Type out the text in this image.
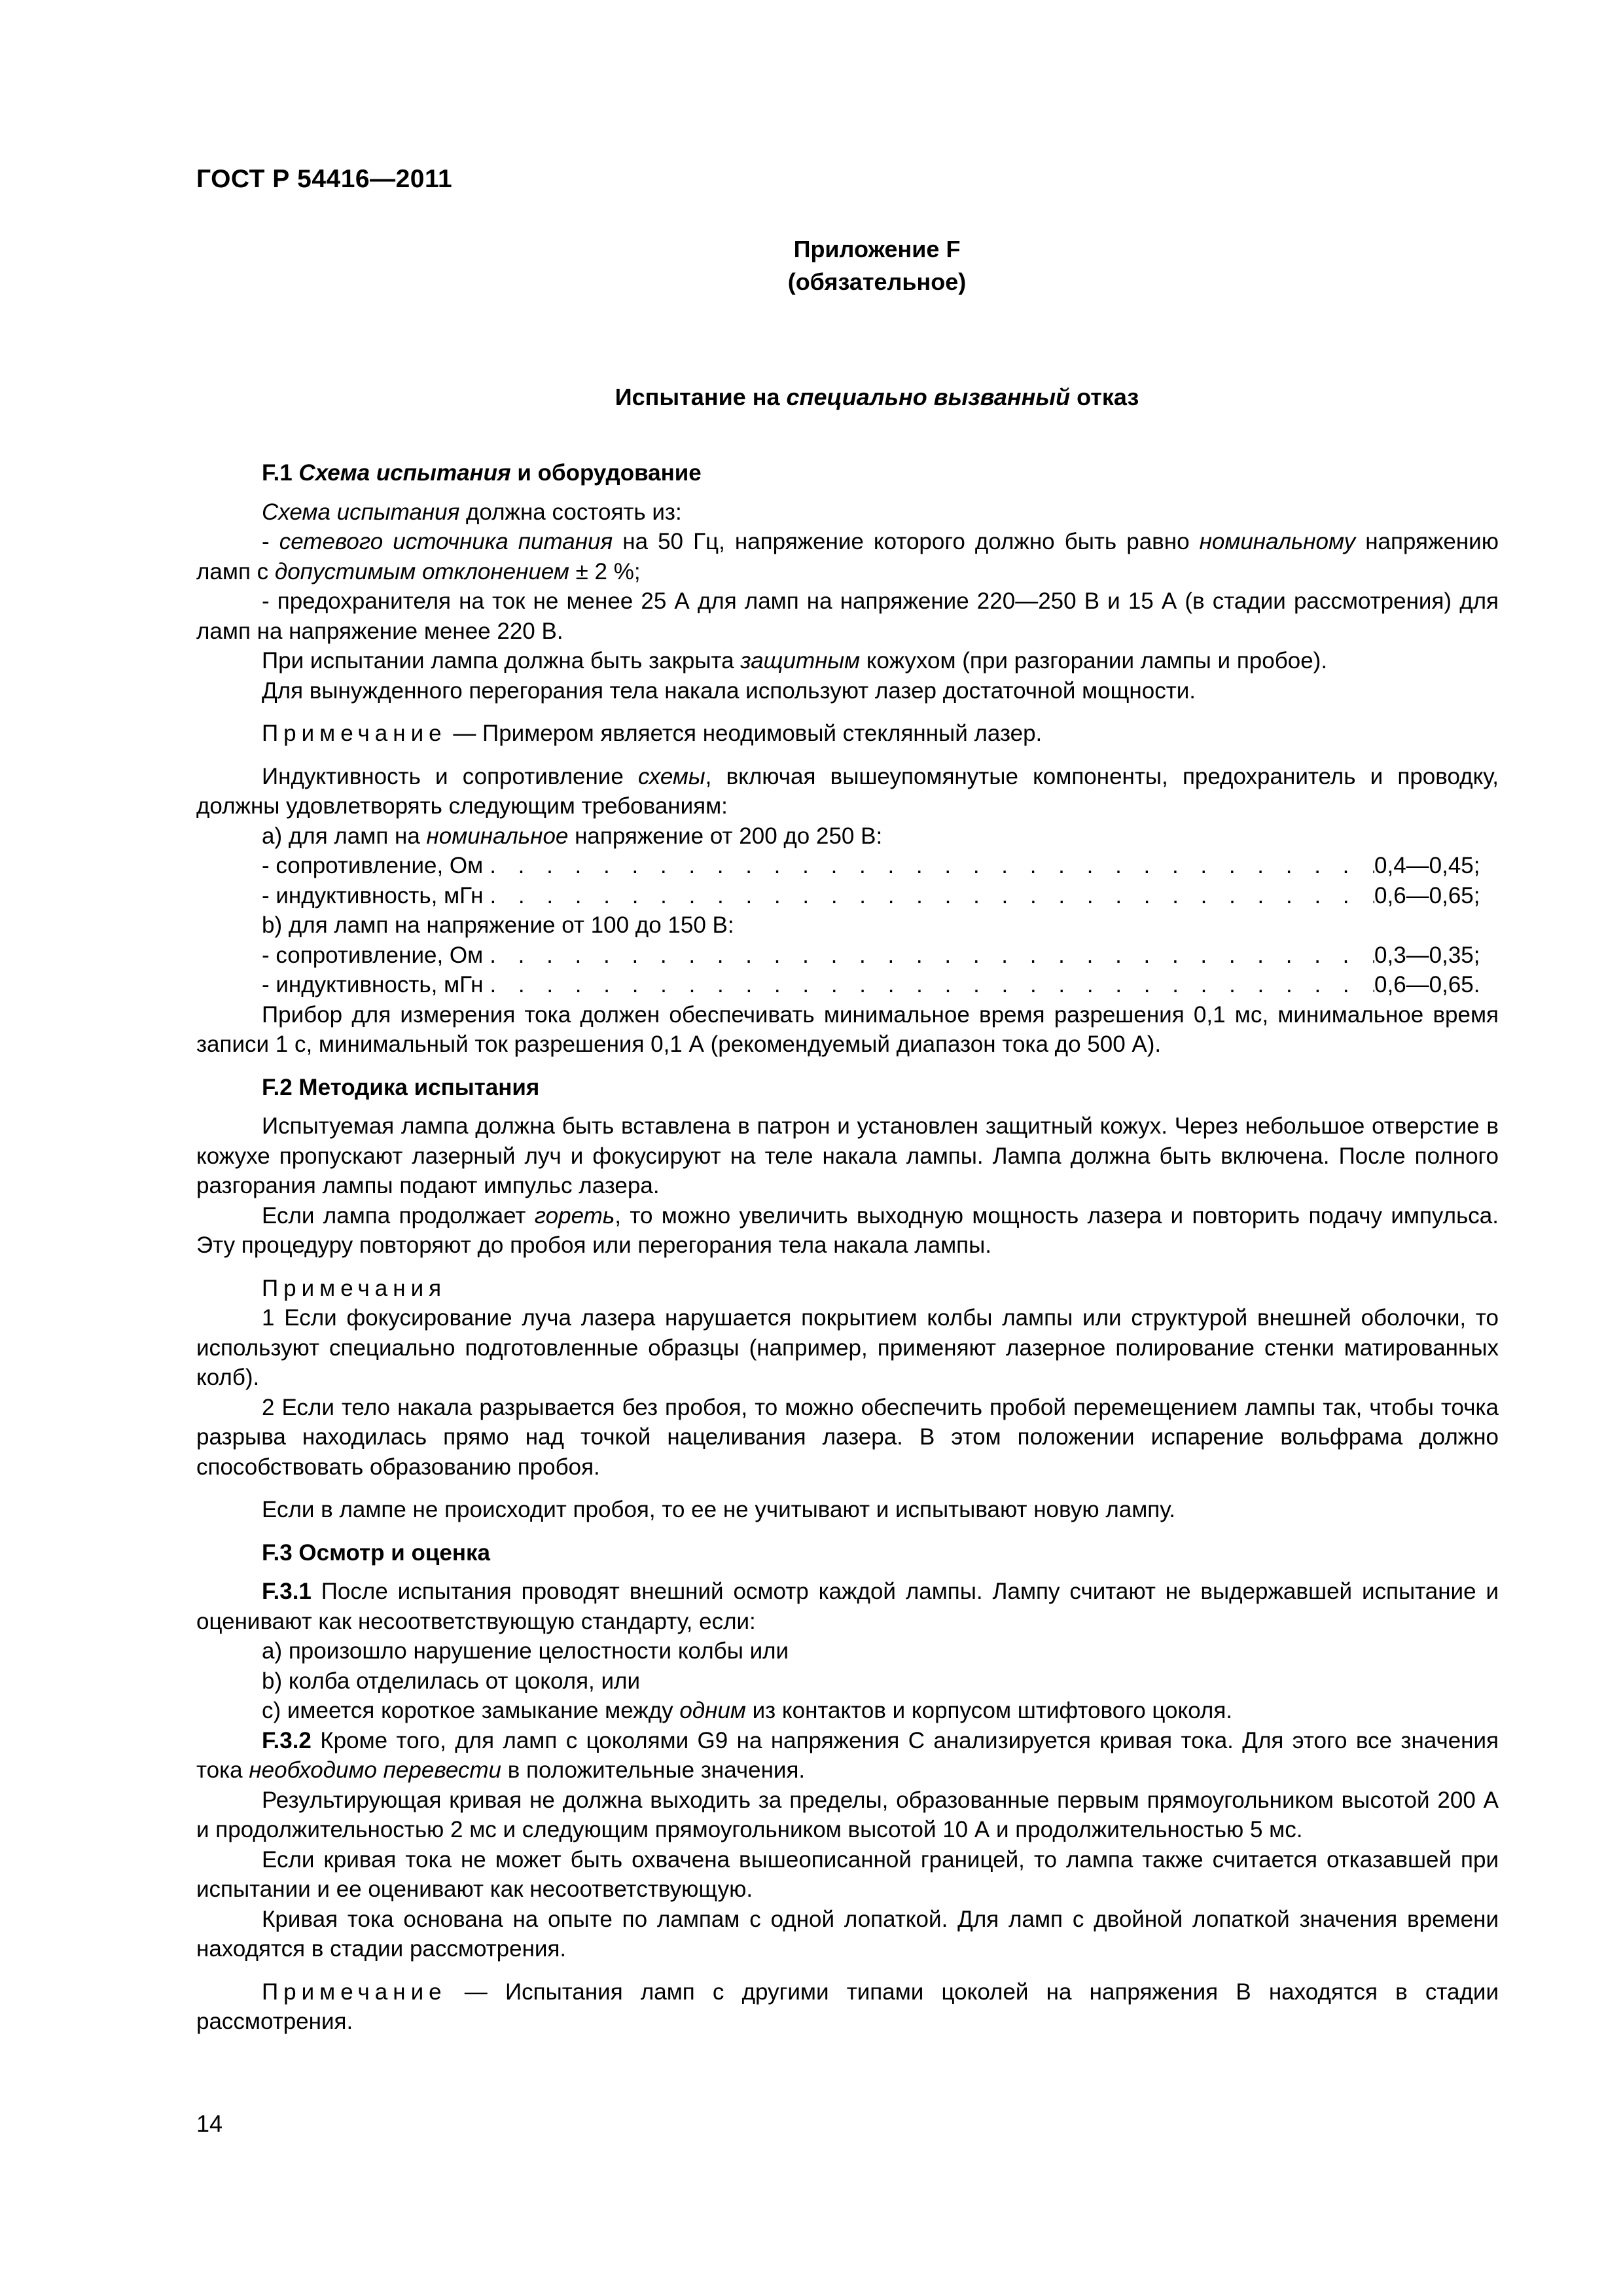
ГОСТ Р 54416—2011
Приложение F
(обязательное)
Испытание на специально вызванный отказ

F.1 Схема испытания и оборудование

Схема испытания должна состоять из:

- сетевого источника питания на 50 Гц, напряжение которого должно быть равно номинальному напряжению ламп с допустимым отклонением ± 2 %;

- предохранителя на ток не менее 25 А для ламп на напряжение 220—250 В и 15 А (в стадии рассмотрения) для ламп на напряжение менее 220 В.

При испытании лампа должна быть закрыта защитным кожухом (при разгорании лампы и пробое).

Для вынужденного перегорания тела накала используют лазер достаточной мощности.

Примечание — Примером является неодимовый стеклянный лазер.

Индуктивность и сопротивление схемы, включая вышеупомянутые компоненты, предохранитель и проводку, должны удовлетворять следующим требованиям:

a) для ламп на номинальное напряжение от 200 до 250 В:

- сопротивление, Ом . . .	0,4—0,45;
- индуктивность, мГн . . .	0,6—0,65;

b) для ламп на напряжение от 100 до 150 В:

- сопротивление, Ом . . .	0,3—0,35;
- индуктивность, мГн . . .	0,6—0,65.

Прибор для измерения тока должен обеспечивать минимальное время разрешения 0,1 мс, минимальное время записи 1 с, минимальный ток разрешения 0,1 А (рекомендуемый диапазон тока до 500 А).

F.2 Методика испытания

Испытуемая лампа должна быть вставлена в патрон и установлен защитный кожух. Через небольшое отверстие в кожухе пропускают лазерный луч и фокусируют на теле накала лампы. Лампа должна быть включена. После полного разгорания лампы подают импульс лазера.

Если лампа продолжает гореть, то можно увеличить выходную мощность лазера и повторить подачу импульса. Эту процедуру повторяют до пробоя или перегорания тела накала лампы.

Примечания

1 Если фокусирование луча лазера нарушается покрытием колбы лампы или структурой внешней оболочки, то используют специально подготовленные образцы (например, применяют лазерное полирование стенки матированных колб).

2 Если тело накала разрывается без пробоя, то можно обеспечить пробой перемещением лампы так, чтобы точка разрыва находилась прямо над точкой нацеливания лазера. В этом положении испарение вольфрама должно способствовать образованию пробоя.

Если в лампе не происходит пробоя, то ее не учитывают и испытывают новую лампу.

F.3 Осмотр и оценка

F.3.1 После испытания проводят внешний осмотр каждой лампы. Лампу считают не выдержавшей испытание и оценивают как несоответствующую стандарту, если:

a) произошло нарушение целостности колбы или

b) колба отделилась от цоколя, или

c) имеется короткое замыкание между одним из контактов и корпусом штифтового цоколя.

F.3.2 Кроме того, для ламп с цоколями G9 на напряжения С анализируется кривая тока. Для этого все значения тока необходимо перевести в положительные значения.

Результирующая кривая не должна выходить за пределы, образованные первым прямоугольником высотой 200 А и продолжительностью 2 мс и следующим прямоугольником высотой 10 А и продолжительностью 5 мс.

Если кривая тока не может быть охвачена вышеописанной границей, то лампа также считается отказавшей при испытании и ее оценивают как несоответствующую.

Кривая тока основана на опыте по лампам с одной лопаткой. Для ламп с двойной лопаткой значения времени находятся в стадии рассмотрения.

Примечание — Испытания ламп с другими типами цоколей на напряжения В находятся в стадии рассмотрения.

14
